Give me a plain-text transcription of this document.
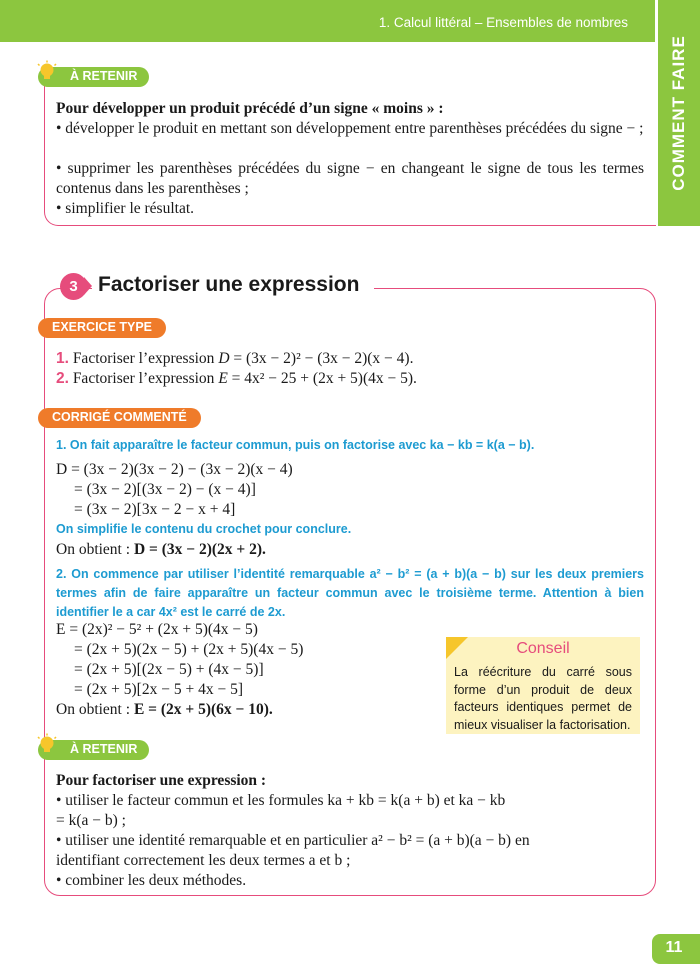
1. Calcul littéral – Ensembles de nombres
COMMENT FAIRE
À RETENIR
Pour développer un produit précédé d’un signe « moins » :
• développer le produit en mettant son développement entre parenthèses précédées du signe − ;
• supprimer les parenthèses précédées du signe − en changeant le signe de tous les termes contenus dans les parenthèses ;
• simplifier le résultat.
3 Factoriser une expression
EXERCICE TYPE
1. Factoriser l’expression D = (3x − 2)² − (3x − 2)(x − 4).
2. Factoriser l’expression E = 4x² − 25 + (2x + 5)(4x − 5).
CORRIGÉ COMMENTÉ
1. On fait apparaître le facteur commun, puis on factorise avec ka − kb = k(a − b).
D = (3x − 2)(3x − 2) − (3x − 2)(x − 4)
= (3x − 2)[(3x − 2) − (x − 4)]
= (3x − 2)[3x − 2 − x + 4]
On simplifie le contenu du crochet pour conclure.
On obtient : D = (3x − 2)(2x + 2).
2. On commence par utiliser l’identité remarquable a² − b² = (a + b)(a − b) sur les deux premiers termes afin de faire apparaître un facteur commun avec le troisième terme. Attention à bien identifier le a car 4x² est le carré de 2x.
E = (2x)² − 5² + (2x + 5)(4x − 5)
= (2x + 5)(2x − 5) + (2x + 5)(4x − 5)
= (2x + 5)[(2x − 5) + (4x − 5)]
= (2x + 5)[2x − 5 + 4x − 5]
On obtient : E = (2x + 5)(6x − 10).
Conseil
La réécriture du carré sous forme d’un produit de deux facteurs identiques permet de mieux visualiser la factorisation.
À RETENIR
Pour factoriser une expression :
• utiliser le facteur commun et les formules ka + kb = k(a + b) et ka − kb = k(a − b) ;
• utiliser une identité remarquable et en particulier a² − b² = (a + b)(a − b) en identifiant correctement les deux termes a et b ;
• combiner les deux méthodes.
11
